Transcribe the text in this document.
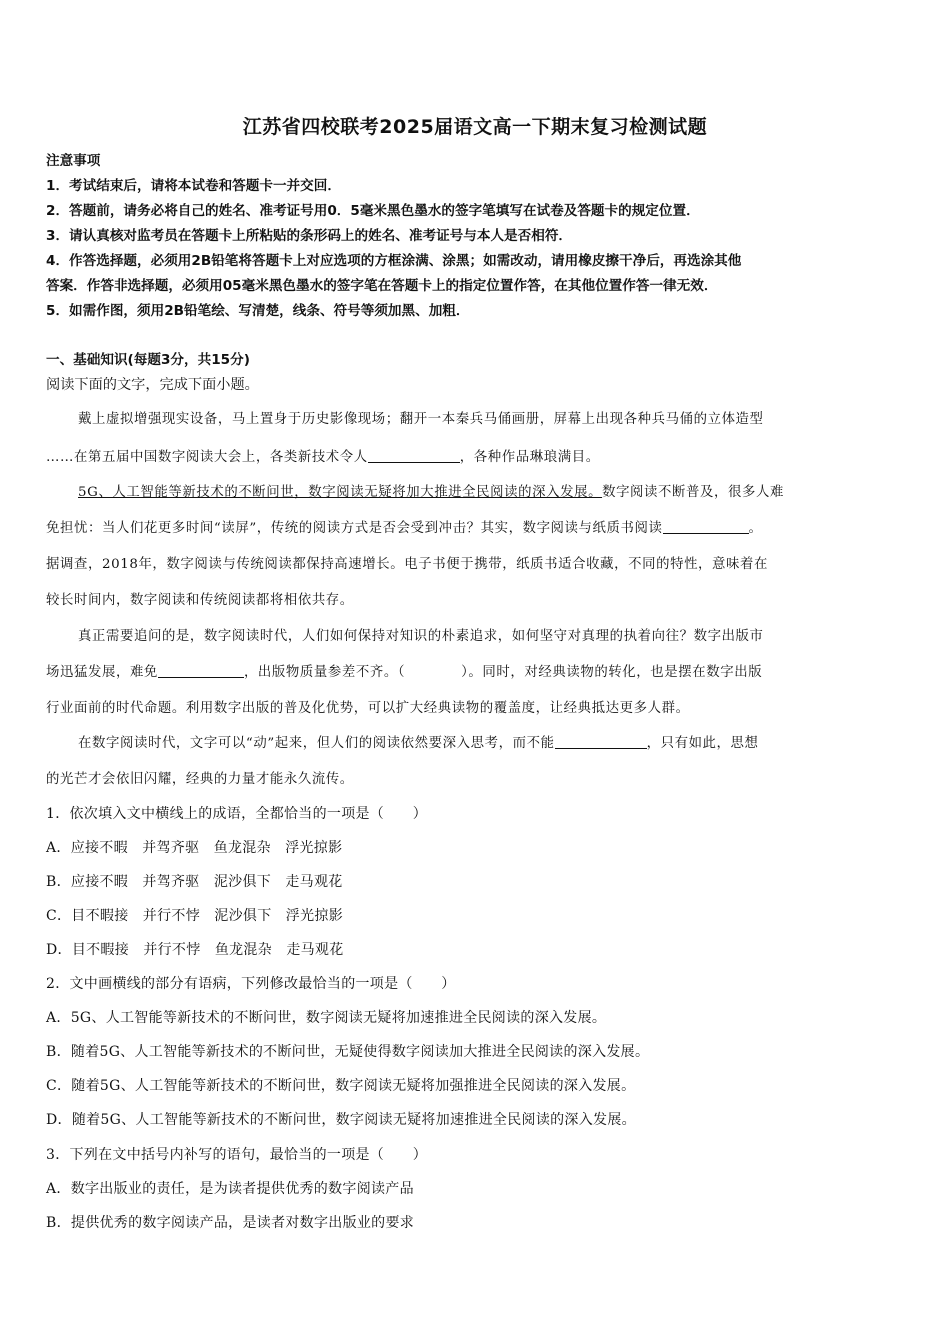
江苏省四校联考2025届语文高一下期末复习检测试题
注意事项
1．考试结束后，请将本试卷和答题卡一并交回．
2．答题前，请务必将自己的姓名、准考证号用0．5毫米黑色墨水的签字笔填写在试卷及答题卡的规定位置．
3．请认真核对监考员在答题卡上所粘贴的条形码上的姓名、准考证号与本人是否相符．
4．作答选择题，必须用2B铅笔将答题卡上对应选项的方框涂满、涂黑；如需改动，请用橡皮擦干净后，再选涂其他
答案．作答非选择题，必须用05毫米黑色墨水的签字笔在答题卡上的指定位置作答，在其他位置作答一律无效．
5．如需作图，须用2B铅笔绘、写清楚，线条、符号等须加黑、加粗．
一、基础知识(每题3分，共15分)
阅读下面的文字，完成下面小题。
戴上虚拟增强现实设备，马上置身于历史影像现场；翻开一本秦兵马俑画册，屏幕上出现各种兵马俑的立体造型
……在第五届中国数字阅读大会上，各类新技术令人	，各种作品琳琅满目。
5G、人工智能等新技术的不断问世，数字阅读无疑将加大推进全民阅读的深入发展。数字阅读不断普及，很多人难
免担忧：当人们花更多时间“读屏”，传统的阅读方式是否会受到冲击？其实，数字阅读与纸质书阅读	。
据调查，2018年，数字阅读与传统阅读都保持高速增长。电子书便于携带，纸质书适合收藏，不同的特性，意味着在
较长时间内，数字阅读和传统阅读都将相依共存。
真正需要追问的是，数字阅读时代，人们如何保持对知识的朴素追求，如何坚守对真理的执着向往？数字出版市
场迅猛发展，难免	，出版物质量参差不齐。（	）。同时，对经典读物的转化，也是摆在数字出版
行业面前的时代命题。利用数字出版的普及化优势，可以扩大经典读物的覆盖度，让经典抵达更多人群。
在数字阅读时代，文字可以“动”起来，但人们的阅读依然要深入思考，而不能	，只有如此，思想
的光芒才会依旧闪耀，经典的力量才能永久流传。
1．依次填入文中横线上的成语，全都恰当的一项是（　　）
A．应接不暇　并驾齐驱　鱼龙混杂　浮光掠影
B．应接不暇　并驾齐驱　泥沙俱下　走马观花
C．目不暇接　并行不悖　泥沙俱下　浮光掠影
D．目不暇接　并行不悖　鱼龙混杂　走马观花
2．文中画横线的部分有语病，下列修改最恰当的一项是（　　）
A．5G、人工智能等新技术的不断问世，数字阅读无疑将加速推进全民阅读的深入发展。
B．随着5G、人工智能等新技术的不断问世，无疑使得数字阅读加大推进全民阅读的深入发展。
C．随着5G、人工智能等新技术的不断问世，数字阅读无疑将加强推进全民阅读的深入发展。
D．随着5G、人工智能等新技术的不断问世，数字阅读无疑将加速推进全民阅读的深入发展。
3．下列在文中括号内补写的语句，最恰当的一项是（　　）
A．数字出版业的责任，是为读者提供优秀的数字阅读产品
B．提供优秀的数字阅读产品，是读者对数字出版业的要求
